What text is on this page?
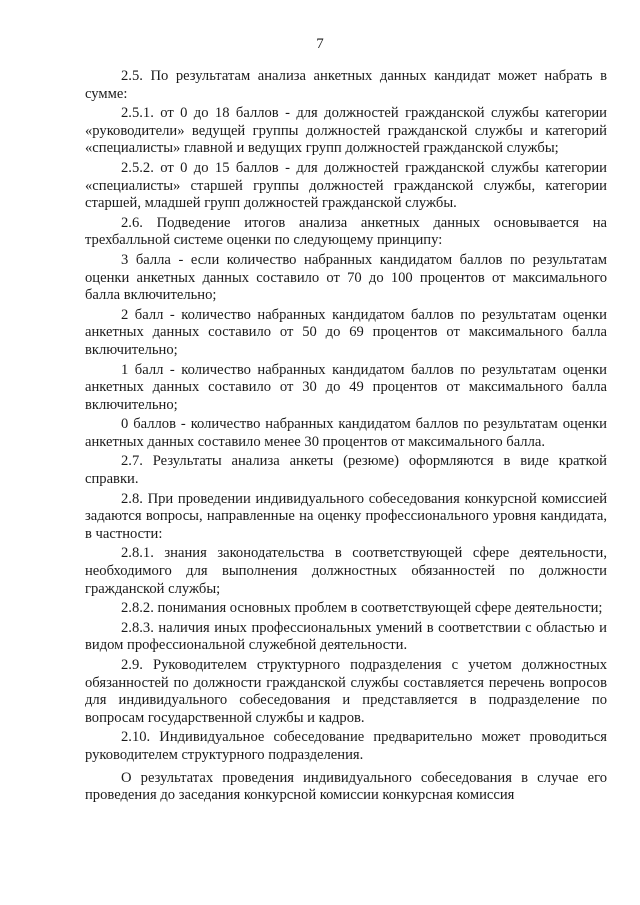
7

2.5. По результатам анализа анкетных данных кандидат может набрать в сумме:

2.5.1. от 0 до 18 баллов - для должностей гражданской службы категории «руководители» ведущей группы должностей гражданской службы и категорий «специалисты» главной и ведущих групп должностей гражданской службы;

2.5.2. от 0 до 15 баллов - для должностей гражданской службы категории «специалисты» старшей группы должностей гражданской службы, категории старшей, младшей групп должностей гражданской службы.

2.6. Подведение итогов анализа анкетных данных основывается на трехбалльной системе оценки по следующему принципу:

3 балла - если количество набранных кандидатом баллов по результатам оценки анкетных данных составило от 70 до 100 процентов от максимального балла включительно;

2 балл - количество набранных кандидатом баллов по результатам оценки анкетных данных составило от 50 до 69 процентов от максимального балла включительно;

1 балл - количество набранных кандидатом баллов по результатам оценки анкетных данных составило от 30 до 49 процентов от максимального балла включительно;

0 баллов - количество набранных кандидатом баллов по результатам оценки анкетных данных составило менее 30 процентов от максимального балла.

2.7. Результаты анализа анкеты (резюме) оформляются в виде краткой справки.

2.8. При проведении индивидуального собеседования конкурсной комиссией задаются вопросы, направленные на оценку профессионального уровня кандидата, в частности:

2.8.1. знания законодательства в соответствующей сфере деятельности, необходимого для выполнения должностных обязанностей по должности гражданской службы;

2.8.2. понимания основных проблем в соответствующей сфере деятельности;

2.8.3. наличия иных профессиональных умений в соответствии с областью и видом профессиональной служебной деятельности.

2.9. Руководителем структурного подразделения с учетом должностных обязанностей по должности гражданской службы составляется перечень вопросов для индивидуального собеседования и представляется в подразделение по вопросам государственной службы и кадров.

2.10. Индивидуальное собеседование предварительно может проводиться руководителем структурного подразделения.

О результатах проведения индивидуального собеседования в случае его проведения до заседания конкурсной комиссии конкурсная комиссия
